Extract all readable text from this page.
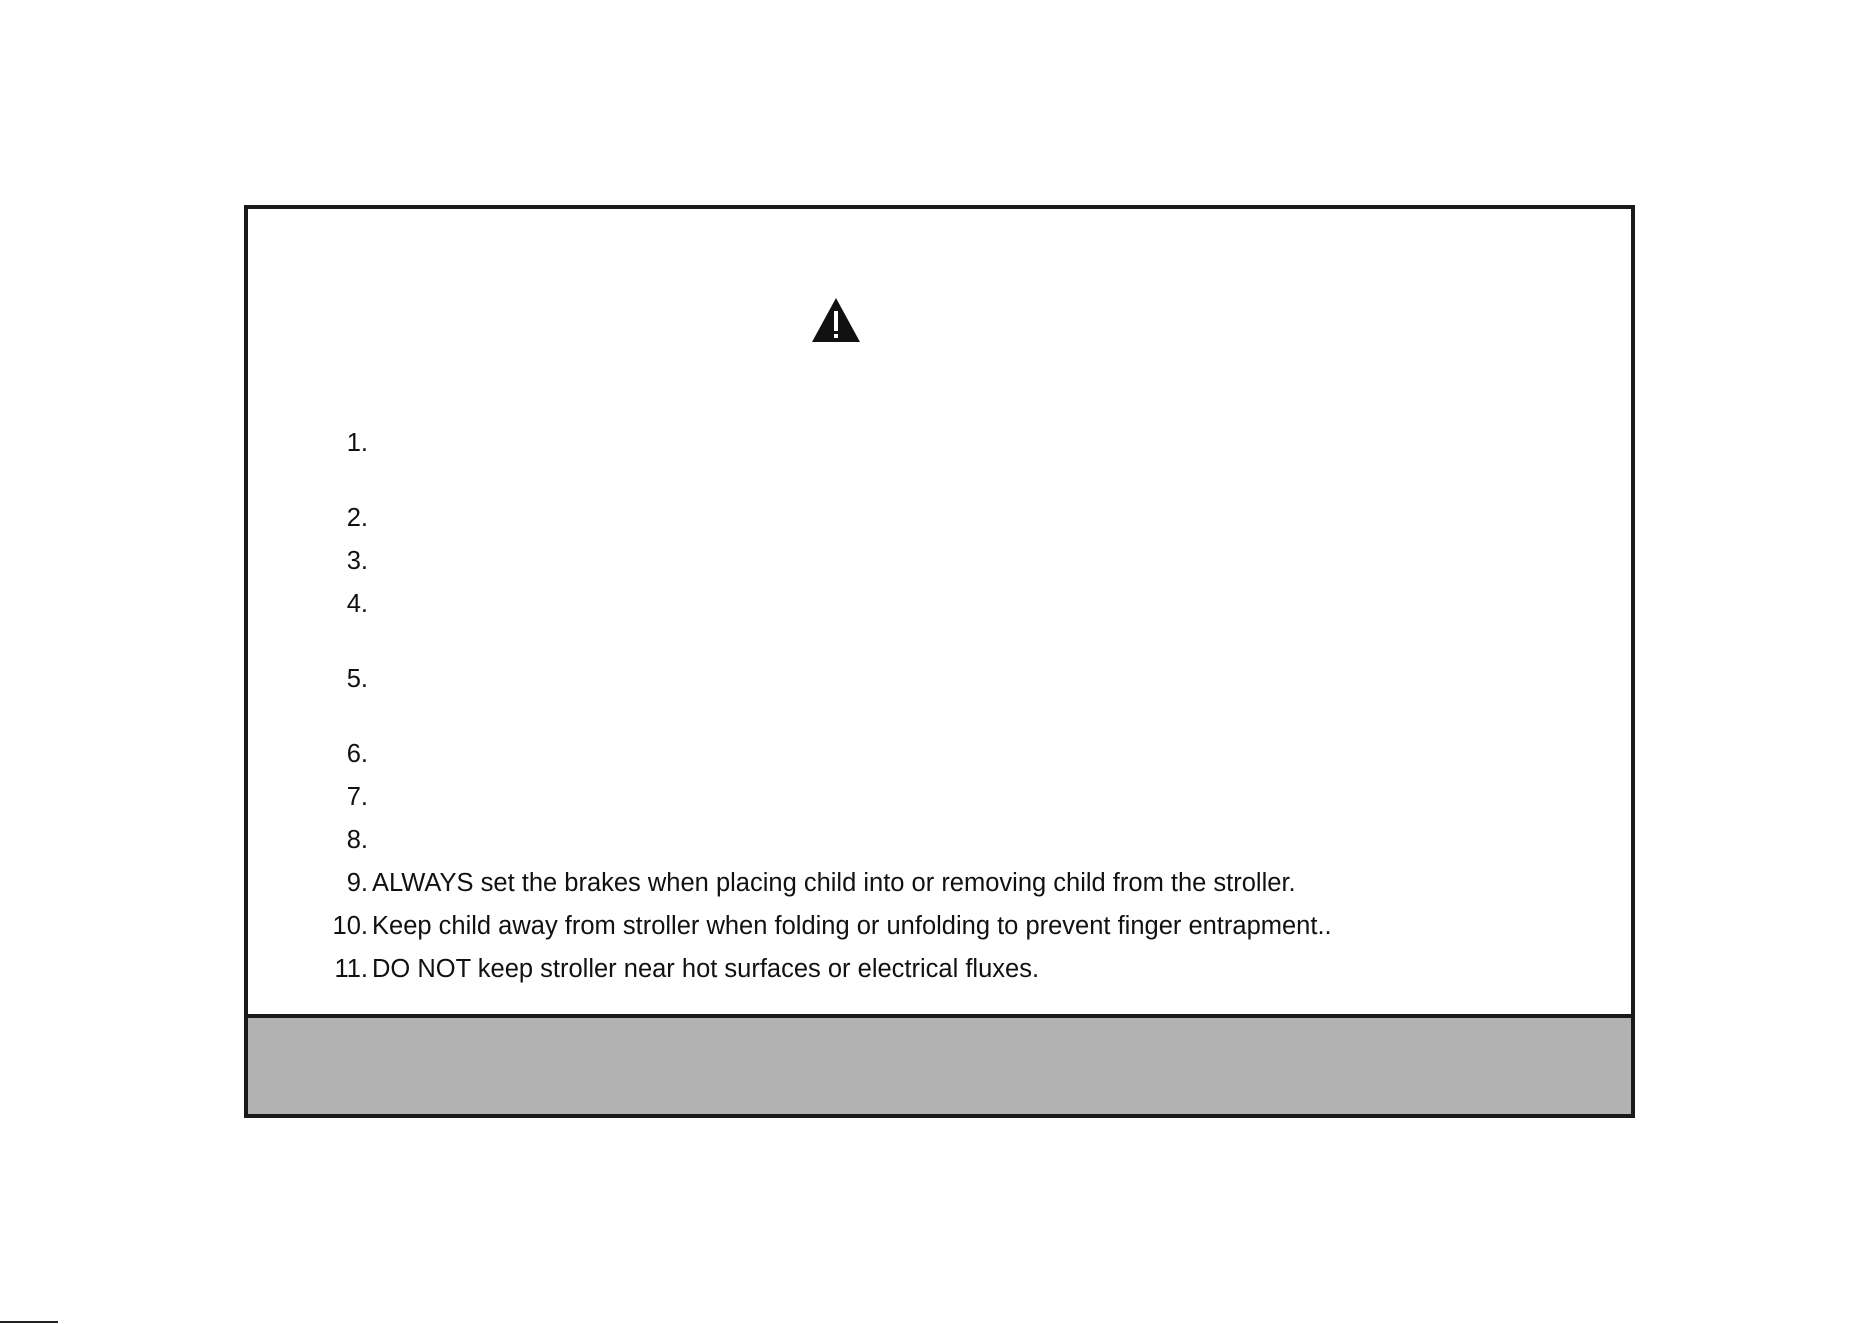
1.
2.
3.
4.
5.
6.
7.
8.
9. ALWAYS set the brakes when placing child into or removing child from the stroller.
10. Keep child away from stroller when folding or unfolding to prevent finger entrapment..
11. DO NOT keep stroller near hot surfaces or electrical fluxes.
